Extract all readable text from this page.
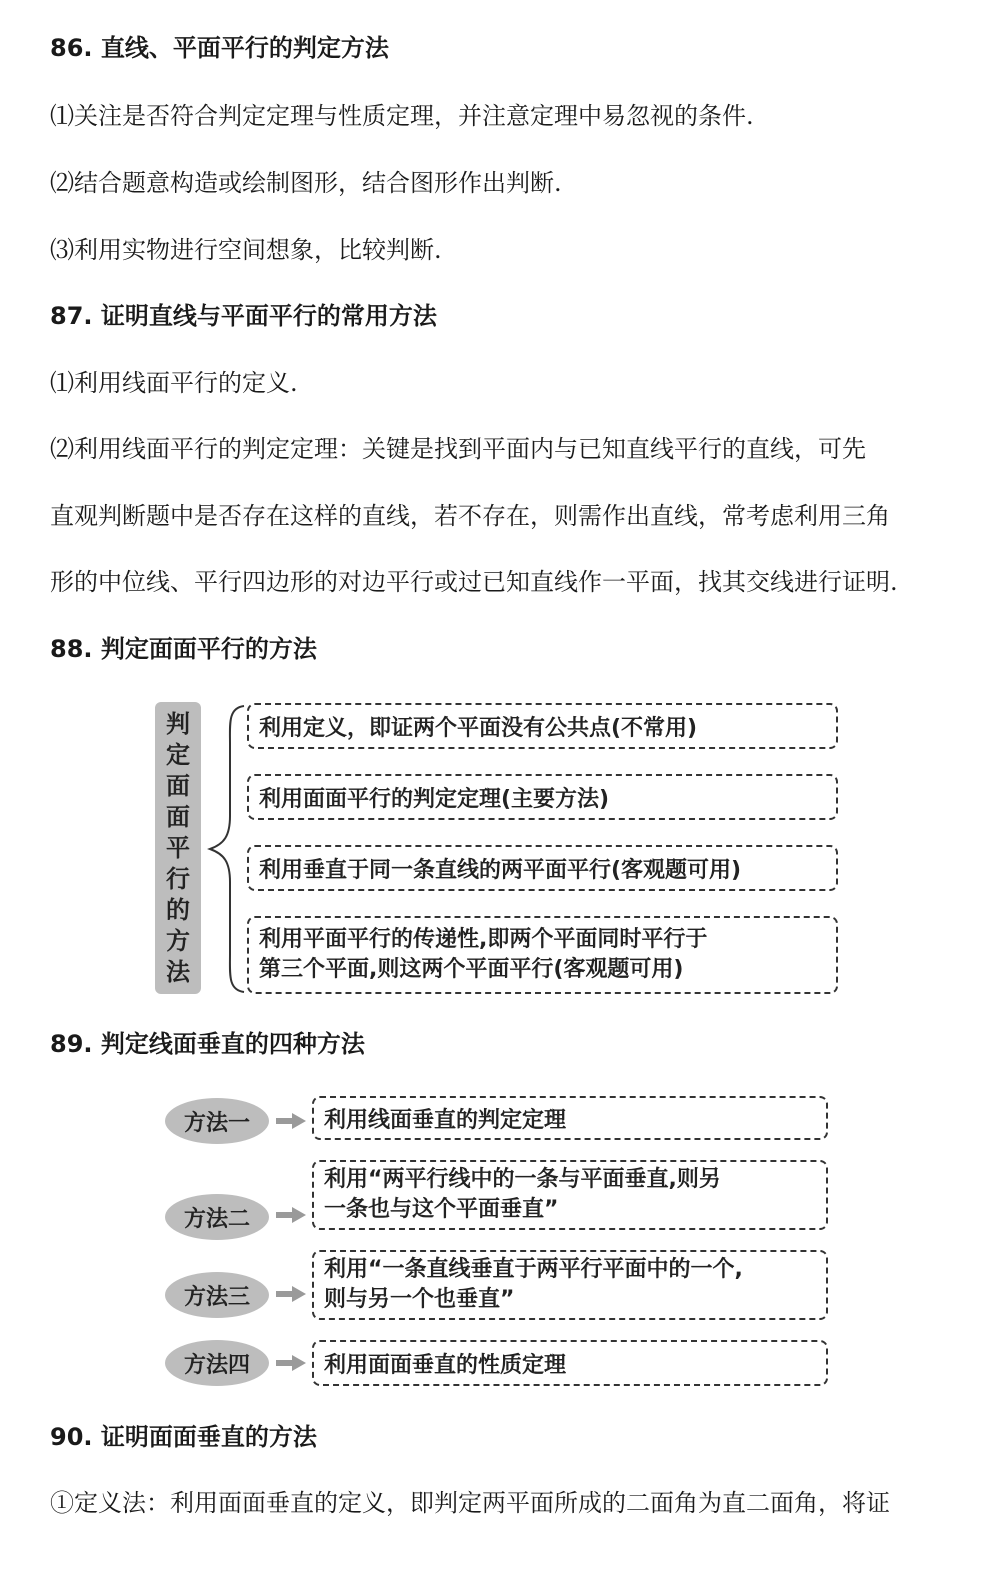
86. 直线、平面平行的判定方法
⑴关注是否符合判定定理与性质定理，并注意定理中易忽视的条件.
⑵结合题意构造或绘制图形，结合图形作出判断.
⑶利用实物进行空间想象，比较判断.
87. 证明直线与平面平行的常用方法
⑴利用线面平行的定义.
⑵利用线面平行的判定定理：关键是找到平面内与已知直线平行的直线，可先
直观判断题中是否存在这样的直线，若不存在，则需作出直线，常考虑利用三角
形的中位线、平行四边形的对边平行或过已知直线作一平面，找其交线进行证明.
88. 判定面面平行的方法
判
定
面
面
平
行
的
方
法
利用定义，即证两个平面没有公共点(不常用)
利用面面平行的判定定理(主要方法)
利用垂直于同一条直线的两平面平行(客观题可用)
利用平面平行的传递性,即两个平面同时平行于
第三个平面,则这两个平面平行(客观题可用)
89. 判定线面垂直的四种方法
方法一	利用线面垂直的判定定理
方法二
利用“两平行线中的一条与平面垂直,则另
一条也与这个平面垂直”
方法三
利用“一条直线垂直于两平行平面中的一个,
则与另一个也垂直”
方法四	利用面面垂直的性质定理
90. 证明面面垂直的方法
①定义法：利用面面垂直的定义，即判定两平面所成的二面角为直二面角，将证
